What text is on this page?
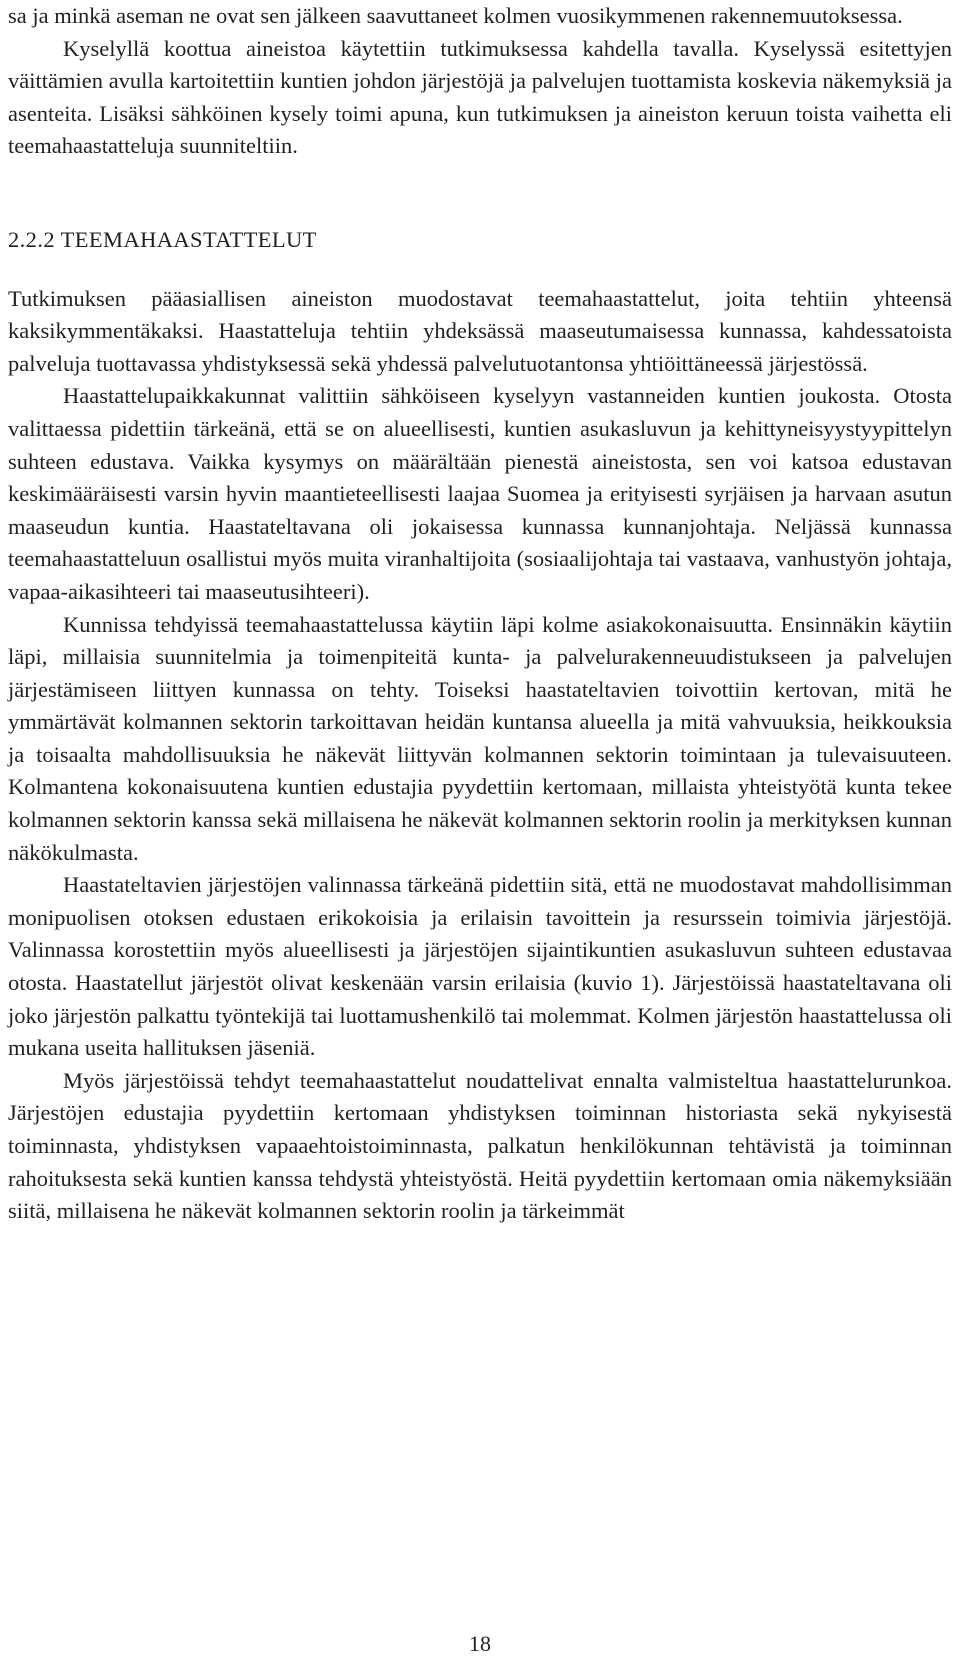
sa ja minkä aseman ne ovat sen jälkeen saavuttaneet kolmen vuosikymmenen rakennemuutoksessa.

Kyselyllä koottua aineistoa käytettiin tutkimuksessa kahdella tavalla. Kyselyssä esitettyjen väittämien avulla kartoitettiin kuntien johdon järjestöjä ja palvelujen tuottamista koskevia näkemyksiä ja asenteita. Lisäksi sähköinen kysely toimi apuna, kun tutkimuksen ja aineiston keruun toista vaihetta eli teemahaastatteluja suunniteltiin.

2.2.2 TEEMAHAASTATTELUT

Tutkimuksen pääasiallisen aineiston muodostavat teemahaastattelut, joita tehtiin yhteensä kaksikymmentäkaksi. Haastatteluja tehtiin yhdeksässä maaseutumaisessa kunnassa, kahdessatoista palveluja tuottavassa yhdistyksessä sekä yhdessä palvelutuotantonsa yhtiöittäneessä järjestössä.

Haastattelupaikkakunnat valittiin sähköiseen kyselyyn vastanneiden kuntien joukosta. Otosta valittaessa pidettiin tärkeänä, että se on alueellisesti, kuntien asukasluvun ja kehittyneisyystyypittelyn suhteen edustava. Vaikka kysymys on määrältään pienestä aineistosta, sen voi katsoa edustavan keskimääräisesti varsin hyvin maantieteellisesti laajaa Suomea ja erityisesti syrjäisen ja harvaan asutun maaseudun kuntia. Haastateltavana oli jokaisessa kunnassa kunnanjohtaja. Neljässä kunnassa teemahaastatteluun osallistui myös muita viranhaltijoita (sosiaalijohtaja tai vastaava, vanhustyön johtaja, vapaa-aikasihteeri tai maaseutusihteeri).

Kunnissa tehdyissä teemahaastattelussa käytiin läpi kolme asiakokonaisuutta. Ensinnäkin käytiin läpi, millaisia suunnitelmia ja toimenpiteitä kunta- ja palvelurakenneuudistukseen ja palvelujen järjestämiseen liittyen kunnassa on tehty. Toiseksi haastateltavien toivottiin kertovan, mitä he ymmärtävät kolmannen sektorin tarkoittavan heidän kuntansa alueella ja mitä vahvuuksia, heikkouksia ja toisaalta mahdollisuuksia he näkevät liittyvän kolmannen sektorin toimintaan ja tulevaisuuteen. Kolmantena kokonaisuutena kuntien edustajia pyydettiin kertomaan, millaista yhteistyötä kunta tekee kolmannen sektorin kanssa sekä millaisena he näkevät kolmannen sektorin roolin ja merkityksen kunnan näkökulmasta.

Haastateltavien järjestöjen valinnassa tärkeänä pidettiin sitä, että ne muodostavat mahdollisimman monipuolisen otoksen edustaen erikokoisia ja erilaisin tavoittein ja resurssein toimivia järjestöjä. Valinnassa korostettiin myös alueellisesti ja järjestöjen sijaintikuntien asukasluvun suhteen edustavaa otosta. Haastatellut järjestöt olivat keskenään varsin erilaisia (kuvio 1). Järjestöissä haastateltavana oli joko järjestön palkattu työntekijä tai luottamushenkilö tai molemmat. Kolmen järjestön haastattelussa oli mukana useita hallituksen jäseniä.

Myös järjestöissä tehdyt teemahaastattelut noudattelivat ennalta valmisteltua haastattelurunkoa. Järjestöjen edustajia pyydettiin kertomaan yhdistyksen toiminnan historiasta sekä nykyisestä toiminnasta, yhdistyksen vapaaehtoistoiminnasta, palkatun henkilökunnan tehtävistä ja toiminnan rahoituksesta sekä kuntien kanssa tehdystä yhteistyöstä. Heitä pyydettiin kertomaan omia näkemyksiään siitä, millaisena he näkevät kolmannen sektorin roolin ja tärkeimmät

18
